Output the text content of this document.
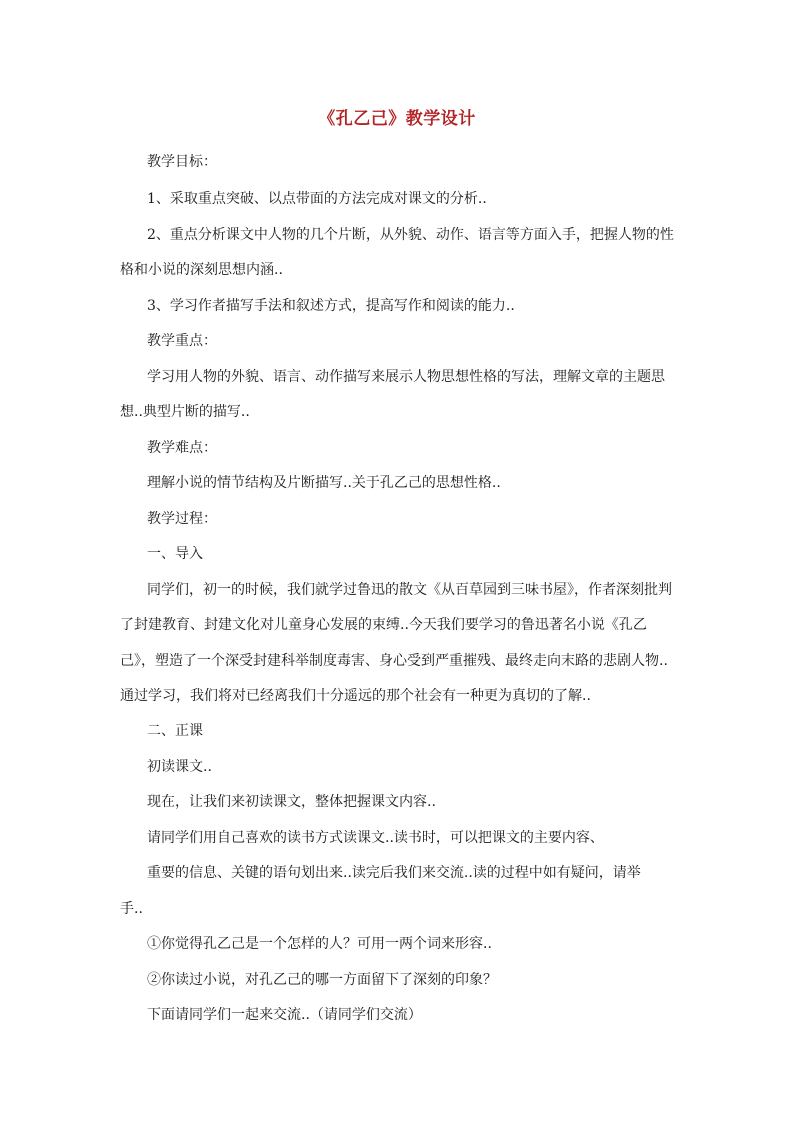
《孔乙己》教学设计
教学目标：
1、采取重点突破、以点带面的方法完成对课文的分析..
2、重点分析课文中人物的几个片断，从外貌、动作、语言等方面入手，把握人物的性
格和小说的深刻思想内涵..
3、学习作者描写手法和叙述方式，提高写作和阅读的能力..
教学重点：
学习用人物的外貌、语言、动作描写来展示人物思想性格的写法，理解文章的主题思
想..典型片断的描写..
教学难点：
理解小说的情节结构及片断描写..关于孔乙己的思想性格..
教学过程：
一、导入
同学们，初一的时候，我们就学过鲁迅的散文《从百草园到三味书屋》，作者深刻批判
了封建教育、封建文化对儿童身心发展的束缚..今天我们要学习的鲁迅著名小说《孔乙
己》，塑造了一个深受封建科举制度毒害、身心受到严重摧残、最终走向末路的悲剧人物..
通过学习，我们将对已经离我们十分遥远的那个社会有一种更为真切的了解..
二、正课
初读课文..
现在，让我们来初读课文，整体把握课文内容..
请同学们用自己喜欢的读书方式读课文..读书时，可以把课文的主要内容、
重要的信息、关键的语句划出来..读完后我们来交流..读的过程中如有疑问，请举
手..
①你觉得孔乙己是一个怎样的人？可用一两个词来形容..
②你读过小说，对孔乙己的哪一方面留下了深刻的印象？
下面请同学们一起来交流..（请同学们交流）
